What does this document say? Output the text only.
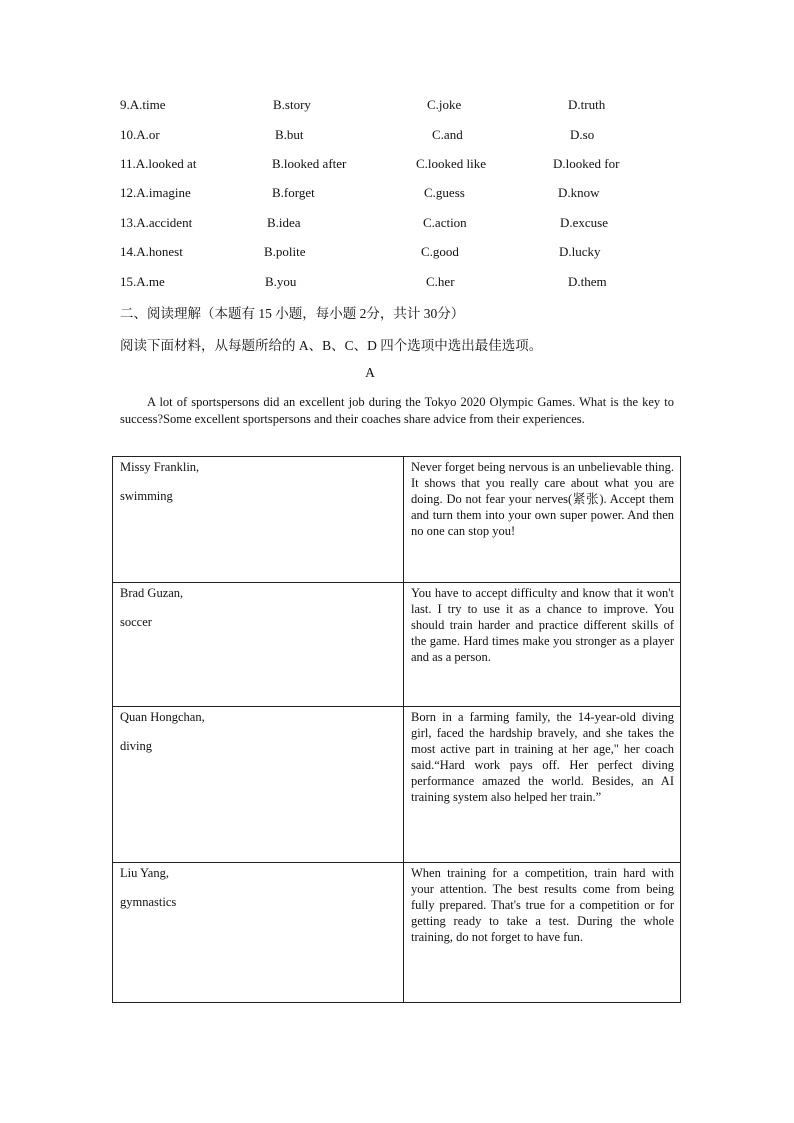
9.A.time	B.story	C.joke	D.truth
10.A.or	B.but	C.and	D.so
11.A.looked at	B.looked after	C.looked like	D.looked for
12.A.imagine	B.forget	C.guess	D.know
13.A.accident	B.idea	C.action	D.excuse
14.A.honest	B.polite	C.good	D.lucky
15.A.me	B.you	C.her	D.them
二、阅读理解（本题有 15 小题，每小题 2分，共计 30分）
阅读下面材料，从每题所给的 A、B、C、D 四个选项中选出最佳选项。
A
A lot of sportspersons did an excellent job during the Tokyo 2020 Olympic Games. What is the key to success?Some excellent sportspersons and their coaches share advice from their experiences.
Missy Franklin,
swimming	Never forget being nervous is an unbelievable thing. It shows that you really care about what you are doing. Do not fear your nerves(紧张). Accept them and turn them into your own super power. And then no one can stop you!

Brad Guzan,
soccer	You have to accept difficulty and know that it won't last. I try to use it as a chance to improve. You should train harder and practice different skills of the game. Hard times make you stronger as a player and as a person.

Quan Hongchan,
diving	Born in a farming family, the 14-year-old diving girl, faced the hardship bravely, and she takes the most active part in training at her age," her coach said.“Hard work pays off. Her perfect diving performance amazed the world. Besides, an AI training system also helped her train.”

Liu Yang,
gymnastics	When training for a competition, train hard with your attention. The best results come from being fully prepared. That's true for a competition or for getting ready to take a test. During the whole training, do not forget to have fun.
